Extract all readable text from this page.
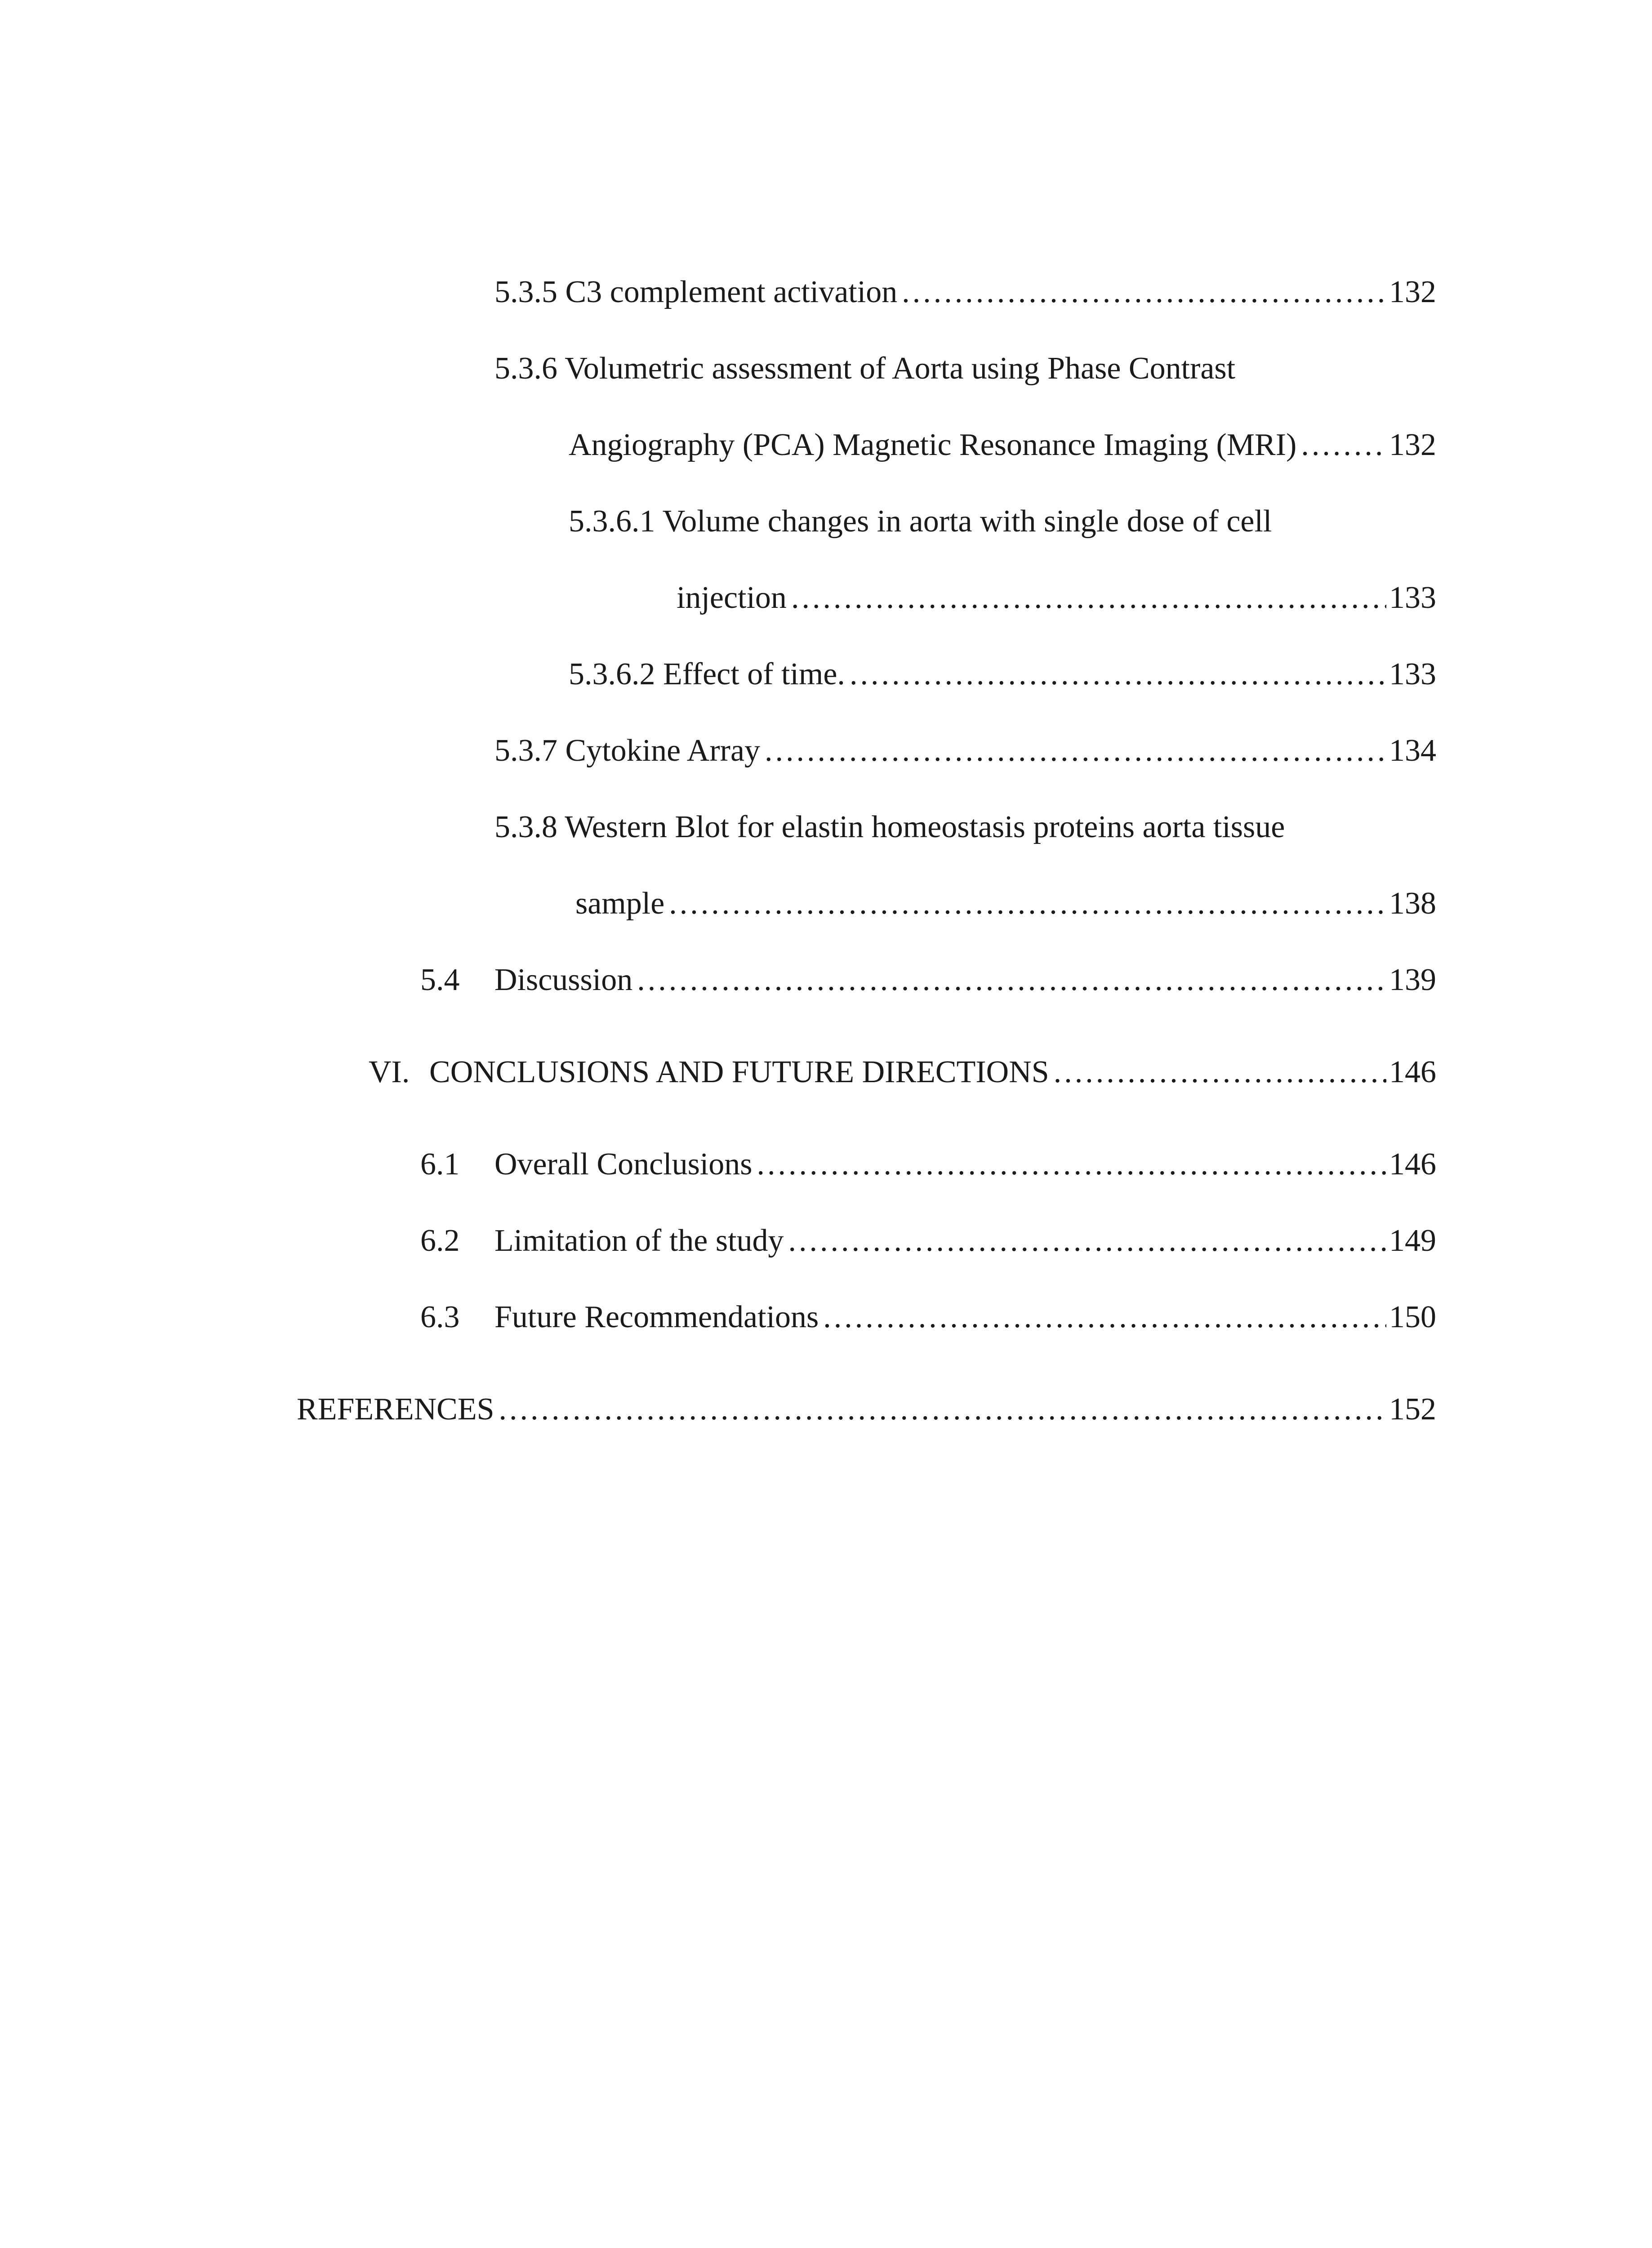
5.3.5 C3 complement activation .....	132
5.3.6 Volumetric assessment of Aorta using Phase Contrast
Angiography (PCA) Magnetic Resonance Imaging (MRI) .....	132
5.3.6.1 Volume changes in aorta with single dose of cell
injection .....	133
5.3.6.2 Effect of time. .....	133
5.3.7 Cytokine Array .....	134
5.3.8 Western Blot for elastin homeostasis proteins aorta tissue
sample .....	138
5.4	Discussion .....	139
VI. CONCLUSIONS AND FUTURE DIRECTIONS .....	146
6.1	Overall Conclusions .....	146
6.2	Limitation of the study .....	149
6.3	Future Recommendations .....	150
REFERENCES .....	152
